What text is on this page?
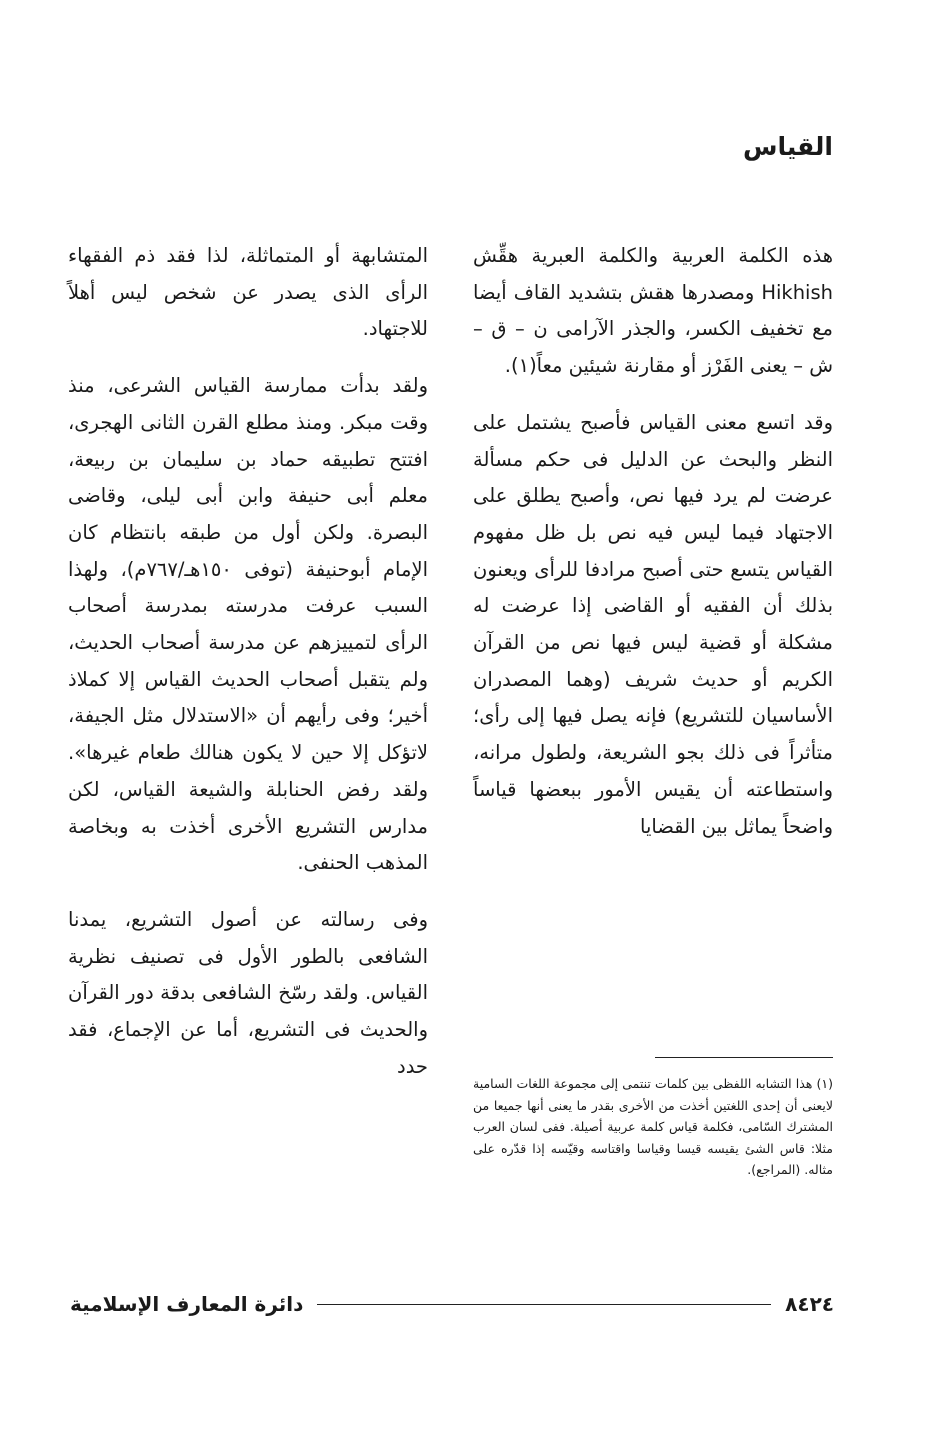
القياس

هذه الكلمة العربية والكلمة العبرية هقِّش Hikhish ومصدرها هقش بتشديد القاف أيضا مع تخفيف الكسر، والجذر الآرامى ن – ق – ش – يعنى الفَرْز أو مقارنة شيئين معاً(١).

وقد اتسع معنى القياس فأصبح يشتمل على النظر والبحث عن الدليل فى حكم مسألة عرضت لم يرد فيها نص، وأصبح يطلق على الاجتهاد فيما ليس فيه نص بل ظل مفهوم القياس يتسع حتى أصبح مرادفا للرأى ويعنون بذلك أن الفقيه أو القاضى إذا عرضت له مشكلة أو قضية ليس فيها نص من القرآن الكريم أو حديث شريف (وهما المصدران الأساسيان للتشريع) فإنه يصل فيها إلى رأى؛ متأثراً فى ذلك بجو الشريعة، ولطول مرانه، واستطاعته أن يقيس الأمور ببعضها قياساً واضحاً يماثل بين القضايا

المتشابهة أو المتماثلة، لذا فقد ذم الفقهاء الرأى الذى يصدر عن شخص ليس أهلاً للاجتهاد.

ولقد بدأت ممارسة القياس الشرعى، منذ وقت مبكر. ومنذ مطلع القرن الثانى الهجرى، افتتح تطبيقه حماد بن سليمان بن ربيعة، معلم أبى حنيفة وابن أبى ليلى، وقاضى البصرة. ولكن أول من طبقه بانتظام كان الإمام أبوحنيفة (توفى ١٥٠هـ/٧٦٧م)، ولهذا السبب عرفت مدرسته بمدرسة أصحاب الرأى لتمييزهم عن مدرسة أصحاب الحديث، ولم يتقبل أصحاب الحديث القياس إلا كملاذ أخير؛ وفى رأيهم أن «الاستدلال مثل الجيفة، لاتؤكل إلا حين لا يكون هنالك طعام غيرها». ولقد رفض الحنابلة والشيعة القياس، لكن مدارس التشريع الأخرى أخذت به وبخاصة المذهب الحنفى.

وفى رسالته عن أصول التشريع، يمدنا الشافعى بالطور الأول فى تصنيف نظرية القياس. ولقد رسّخ الشافعى بدقة دور القرآن والحديث فى التشريع، أما عن الإجماع، فقد حدد

(١) هذا التشابه اللفظى بين كلمات تنتمى إلى مجموعة اللغات السامية لايعنى أن إحدى اللغتين أخذت من الأخرى بقدر ما يعنى أنها جميعا من المشترك السّامى، فكلمة قياس كلمة عربية أصيلة. ففى لسان العرب مثلا: قاس الشئ يقيسه قيسا وقياسا واقتاسه وقيّسه إذا قدّره على مثاله. (المراجع).

٨٤٢٤
دائرة المعارف الإسلامية
